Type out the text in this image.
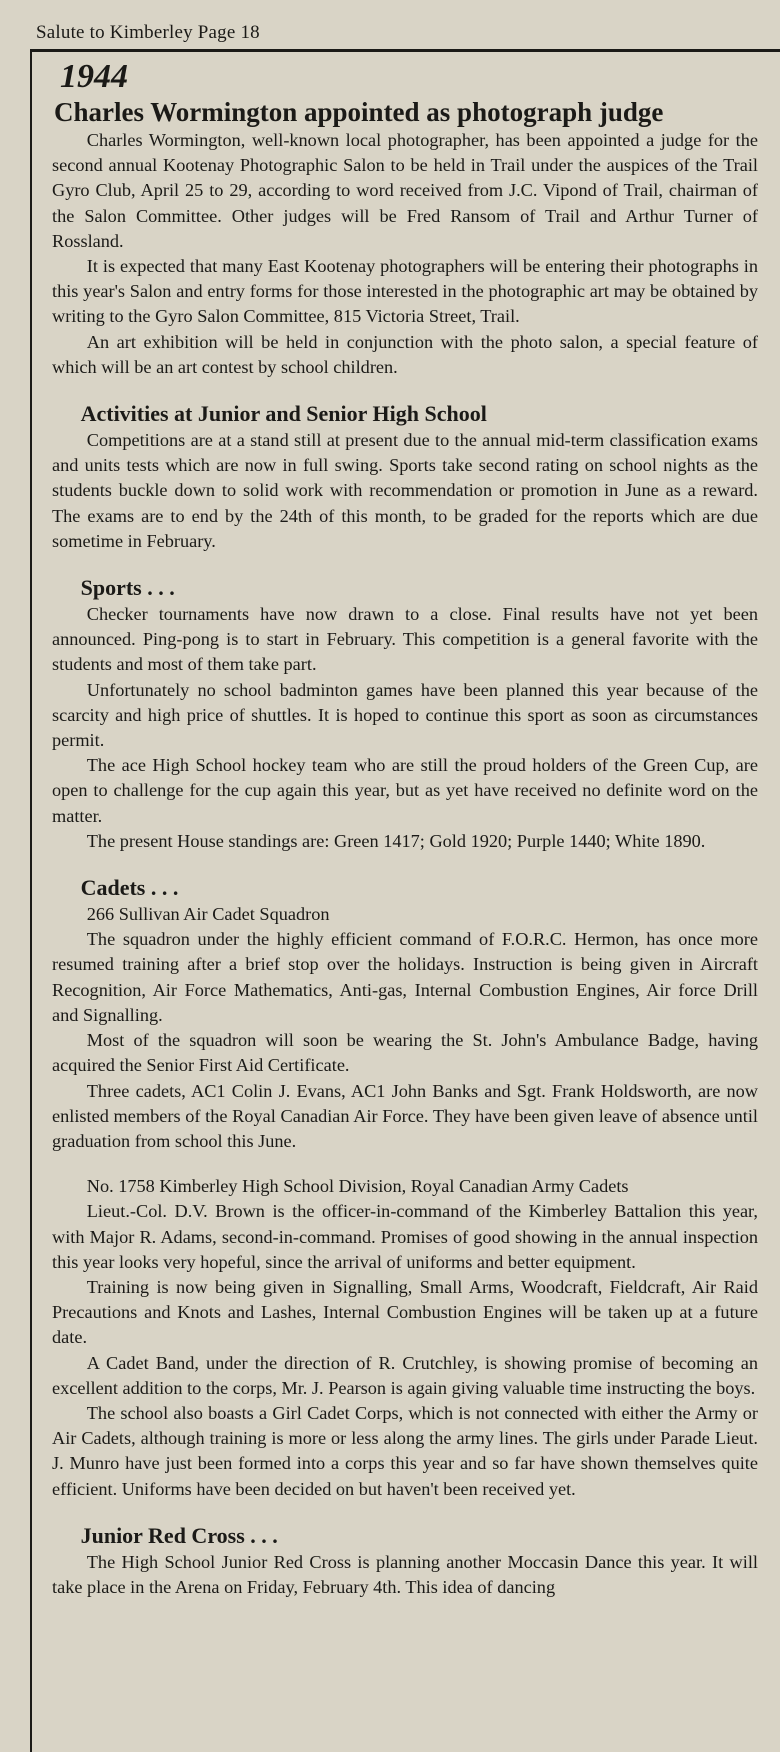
Salute to Kimberley Page 18
1944
Charles Wormington appointed as photograph judge

Charles Wormington, well-known local photographer, has been appointed a judge for the second annual Kootenay Photographic Salon to be held in Trail under the auspices of the Trail Gyro Club, April 25 to 29, according to word received from J.C. Vipond of Trail, chairman of the Salon Committee. Other judges will be Fred Ransom of Trail and Arthur Turner of Rossland.

It is expected that many East Kootenay photographers will be entering their photographs in this year's Salon and entry forms for those interested in the photographic art may be obtained by writing to the Gyro Salon Committee, 815 Victoria Street, Trail.

An art exhibition will be held in conjunction with the photo salon, a special feature of which will be an art contest by school children.

Activities at Junior and Senior High School

Competitions are at a stand still at present due to the annual mid-term classification exams and units tests which are now in full swing. Sports take second rating on school nights as the students buckle down to solid work with recommendation or promotion in June as a reward. The exams are to end by the 24th of this month, to be graded for the reports which are due sometime in February.

Sports . . .

Checker tournaments have now drawn to a close. Final results have not yet been announced. Ping-pong is to start in February. This competition is a general favorite with the students and most of them take part.

Unfortunately no school badminton games have been planned this year because of the scarcity and high price of shuttles. It is hoped to continue this sport as soon as circumstances permit.

The ace High School hockey team who are still the proud holders of the Green Cup, are open to challenge for the cup again this year, but as yet have received no definite word on the matter.

The present House standings are: Green 1417; Gold 1920; Purple 1440; White 1890.

Cadets . . .

266 Sullivan Air Cadet Squadron

The squadron under the highly efficient command of F.O.R.C. Hermon, has once more resumed training after a brief stop over the holidays. Instruction is being given in Aircraft Recognition, Air Force Mathematics, Anti-gas, Internal Combustion Engines, Air force Drill and Signalling.

Most of the squadron will soon be wearing the St. John's Ambulance Badge, having acquired the Senior First Aid Certificate.

Three cadets, AC1 Colin J. Evans, AC1 John Banks and Sgt. Frank Holdsworth, are now enlisted members of the Royal Canadian Air Force. They have been given leave of absence until graduation from school this June.

No. 1758 Kimberley High School Division, Royal Canadian Army Cadets

Lieut.-Col. D.V. Brown is the officer-in-command of the Kimberley Battalion this year, with Major R. Adams, second-in-command. Promises of good showing in the annual inspection this year looks very hopeful, since the arrival of uniforms and better equipment.

Training is now being given in Signalling, Small Arms, Woodcraft, Fieldcraft, Air Raid Precautions and Knots and Lashes, Internal Combustion Engines will be taken up at a future date.

A Cadet Band, under the direction of R. Crutchley, is showing promise of becoming an excellent addition to the corps, Mr. J. Pearson is again giving valuable time instructing the boys.

The school also boasts a Girl Cadet Corps, which is not connected with either the Army or Air Cadets, although training is more or less along the army lines. The girls under Parade Lieut. J. Munro have just been formed into a corps this year and so far have shown themselves quite efficient. Uniforms have been decided on but haven't been received yet.

Junior Red Cross . . .

The High School Junior Red Cross is planning another Moccasin Dance this year. It will take place in the Arena on Friday, February 4th. This idea of dancing
